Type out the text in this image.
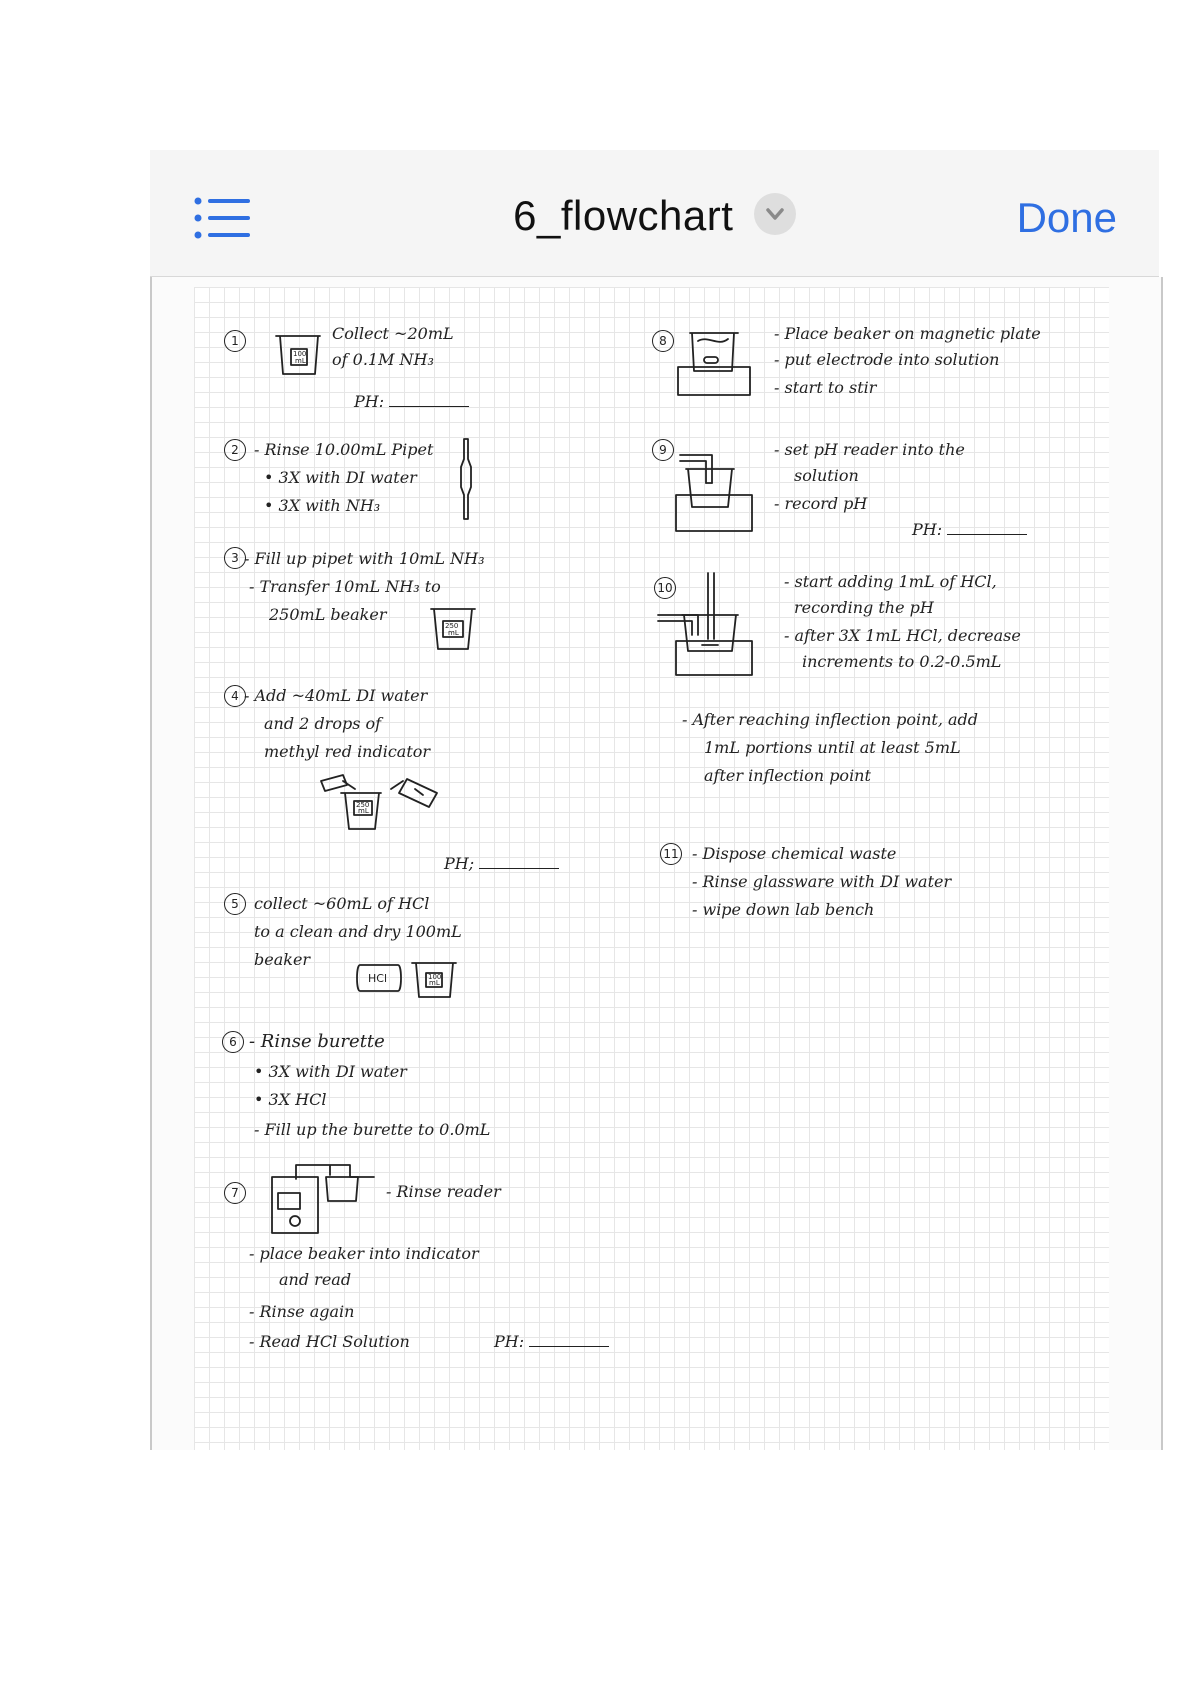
6_flowchart	Done
1
100
mL
Collect ~20mL
of 0.1M NH₃
PH:
2 - Rinse 10.00mL Pipet
• 3X with DI water
• 3X with NH₃
3 - Fill up pipet with 10mL NH₃
- Transfer 10mL NH₃ to
250mL beaker
250
mL
4 - Add ~40mL DI water
and 2 drops of
methyl red indicator
250
mL
PH;
5 collect ~60mL of HCl
to a clean and dry 100mL
beaker
HCl	100
mL
6 - Rinse burette
• 3X with DI water
• 3X HCl
- Fill up the burette to 0.0mL
7	- Rinse reader
- place beaker into indicator
and read
- Rinse again
- Read HCl Solution	PH:
8	- Place beaker on magnetic plate
- put electrode into solution
- start to stir
9	- set pH reader into the
solution
- record pH
PH:
10	- start adding 1mL of HCl,
recording the pH
- after 3X 1mL HCl, decrease
increments to 0.2-0.5mL
- After reaching inflection point, add
1mL portions until at least 5mL
after inflection point
11 - Dispose chemical waste
- Rinse glassware with DI water
- wipe down lab bench
